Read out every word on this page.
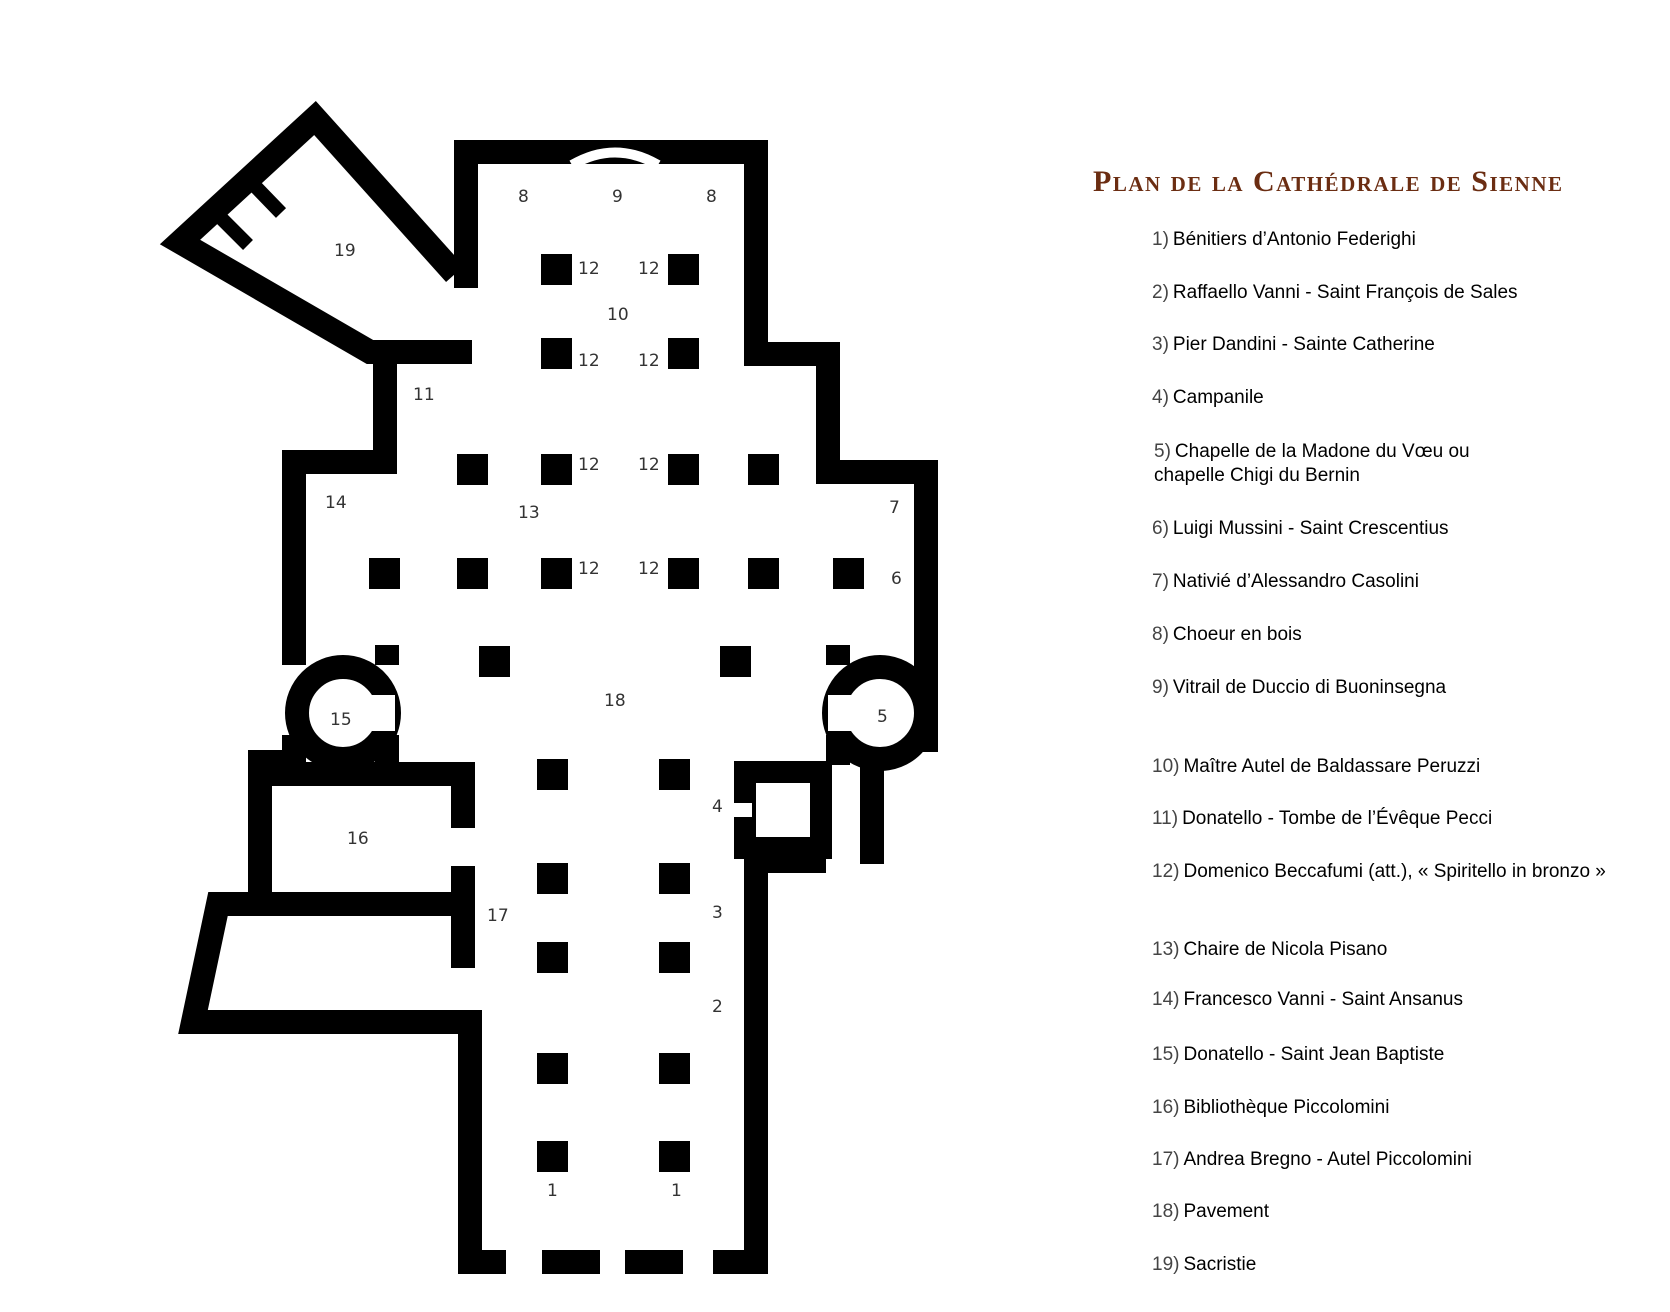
8	9	8
19
12 12
10
12 12
11
12 12
14	13	7
12 12	6
18
15	5
4
16
17	3
2
1	1
Plan de la Cathédrale de Sienne

1) Bénitiers d’Antonio Federighi

2) Raffaello Vanni - Saint François de Sales

3) Pier Dandini - Sainte Catherine

4) Campanile

5) Chapelle de la Madone du Vœu ou
chapelle Chigi du Bernin

6) Luigi Mussini - Saint Crescentius

7) Nativié d’Alessandro Casolini

8) Choeur en bois

9) Vitrail de Duccio di Buoninsegna

10) Maître Autel de Baldassare Peruzzi

11) Donatello - Tombe de l’Évêque Pecci

12) Domenico Beccafumi (att.), « Spiritello in bronzo »

13) Chaire de Nicola Pisano

14) Francesco Vanni - Saint Ansanus

15) Donatello - Saint Jean Baptiste

16) Bibliothèque Piccolomini

17) Andrea Bregno - Autel Piccolomini

18) Pavement

19) Sacristie
